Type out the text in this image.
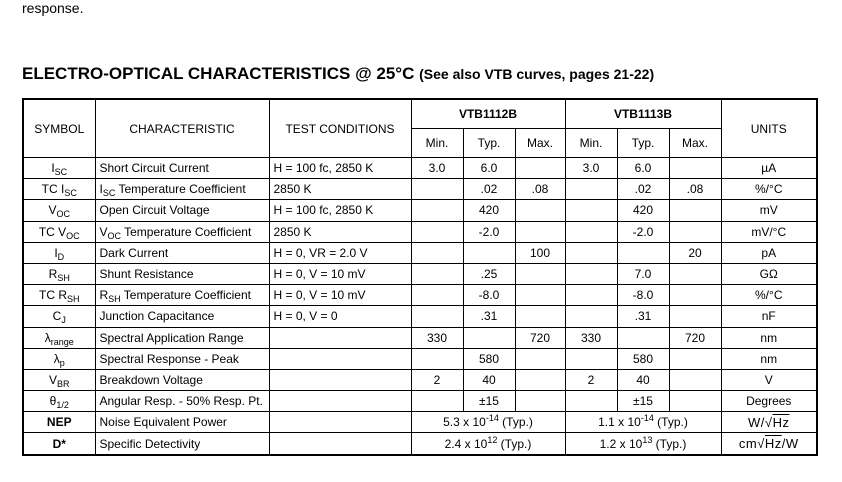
response.
ELECTRO-OPTICAL CHARACTERISTICS @ 25°C (See also VTB curves, pages 21-22)
SYMBOL	CHARACTERISTIC	TEST CONDITIONS	VTB1112B			VTB1113B			UNITS
			Min.	Typ.	Max.	Min.	Typ.	Max.	
$I_{SC}$	Short Circuit Current	H = 100 fc, 2850 K	3.0	6.0		3.0	6.0		µA
TC $I_{SC}$	$I_{SC}$ Temperature Coefficient	2850 K		.02	.08		.02	.08	%/°C
$V_{OC}$	Open Circuit Voltage	H = 100 fc, 2850 K		420			420		mV
TC $V_{OC}$	$V_{OC}$ Temperature Coefficient	2850 K		-2.0			-2.0		mV/°C
$I_D$	Dark Current	H = 0, VR = 2.0 V			100			20	pA
$R_{SH}$	Shunt Resistance	H = 0, V = 10 mV		.25			7.0		GΩ
TC $R_{SH}$	$R_{SH}$ Temperature Coefficient	H = 0, V = 10 mV		-8.0			-8.0		%/°C
$C_J$	Junction Capacitance	H = 0, V = 0		.31			.31		nF
$\lambda_{range}$	Spectral Application Range		330		720	330		720	nm
$\lambda_p$	Spectral Response - Peak			580			580		nm
$V_{BR}$	Breakdown Voltage		2	40		2	40		V
$\theta_{1/2}$	Angular Resp. - 50% Resp. Pt.			±15			±15		Degrees
NEP	Noise Equivalent Power		5.3 x $10^{-14}$ (Typ.)			1.1 x $10^{-14}$ (Typ.)			W/√Hz
D*	Specific Detectivity		2.4 x $10^{12}$ (Typ.)			1.2 x $10^{13}$ (Typ.)			cm√Hz/W
